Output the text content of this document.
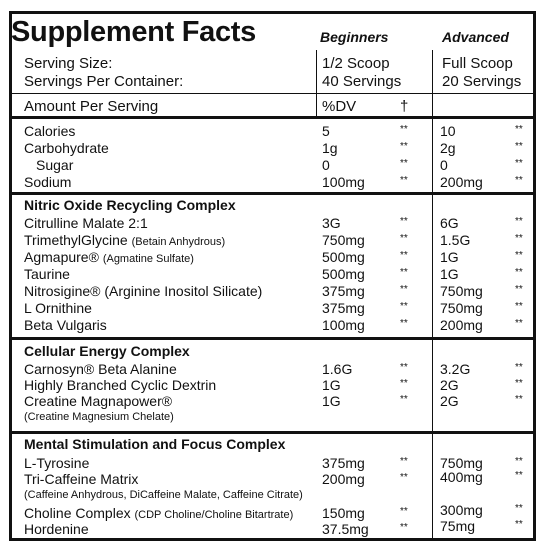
Supplement Facts	Beginners	Advanced
Serving Size:	1/2 Scoop	Full Scoop
Servings Per Container:	40 Servings	20 Servings
Amount Per Serving	%DV	†
Calories	5	** 10	**
Carbohydrate	1g	** 2g	**
Sugar	0	** 0	**
Sodium	100mg	** 200mg	**
Nitric Oxide Recycling Complex
Citrulline Malate 2:1	3G	** 6G	**
TrimethylGlycine (Betain Anhydrous)	750mg	** 1.5G	**
Agmapure® (Agmatine Sulfate)	500mg	** 1G	**
Taurine	500mg	** 1G	**
Nitrosigine® (Arginine Inositol Silicate)	375mg	** 750mg	**
L Ornithine	375mg	** 750mg	**
Beta Vulgaris	100mg	** 200mg	**
Cellular Energy Complex
Carnosyn® Beta Alanine	1.6G	** 3.2G	**
Highly Branched Cyclic Dextrin	1G	** 2G	**
Creatine Magnapower®	1G	** 2G	**
(Creatine Magnesium Chelate)
Mental Stimulation and Focus Complex
L-Tyrosine	375mg	** 750mg	**
Tri-Caffeine Matrix	200mg	** 400mg	**
(Caffeine Anhydrous, DiCaffeine Malate, Caffeine Citrate)
Choline Complex (CDP Choline/Choline Bitartrate) 150mg	** 300mg	**
Hordenine	37.5mg	** 75mg	**
